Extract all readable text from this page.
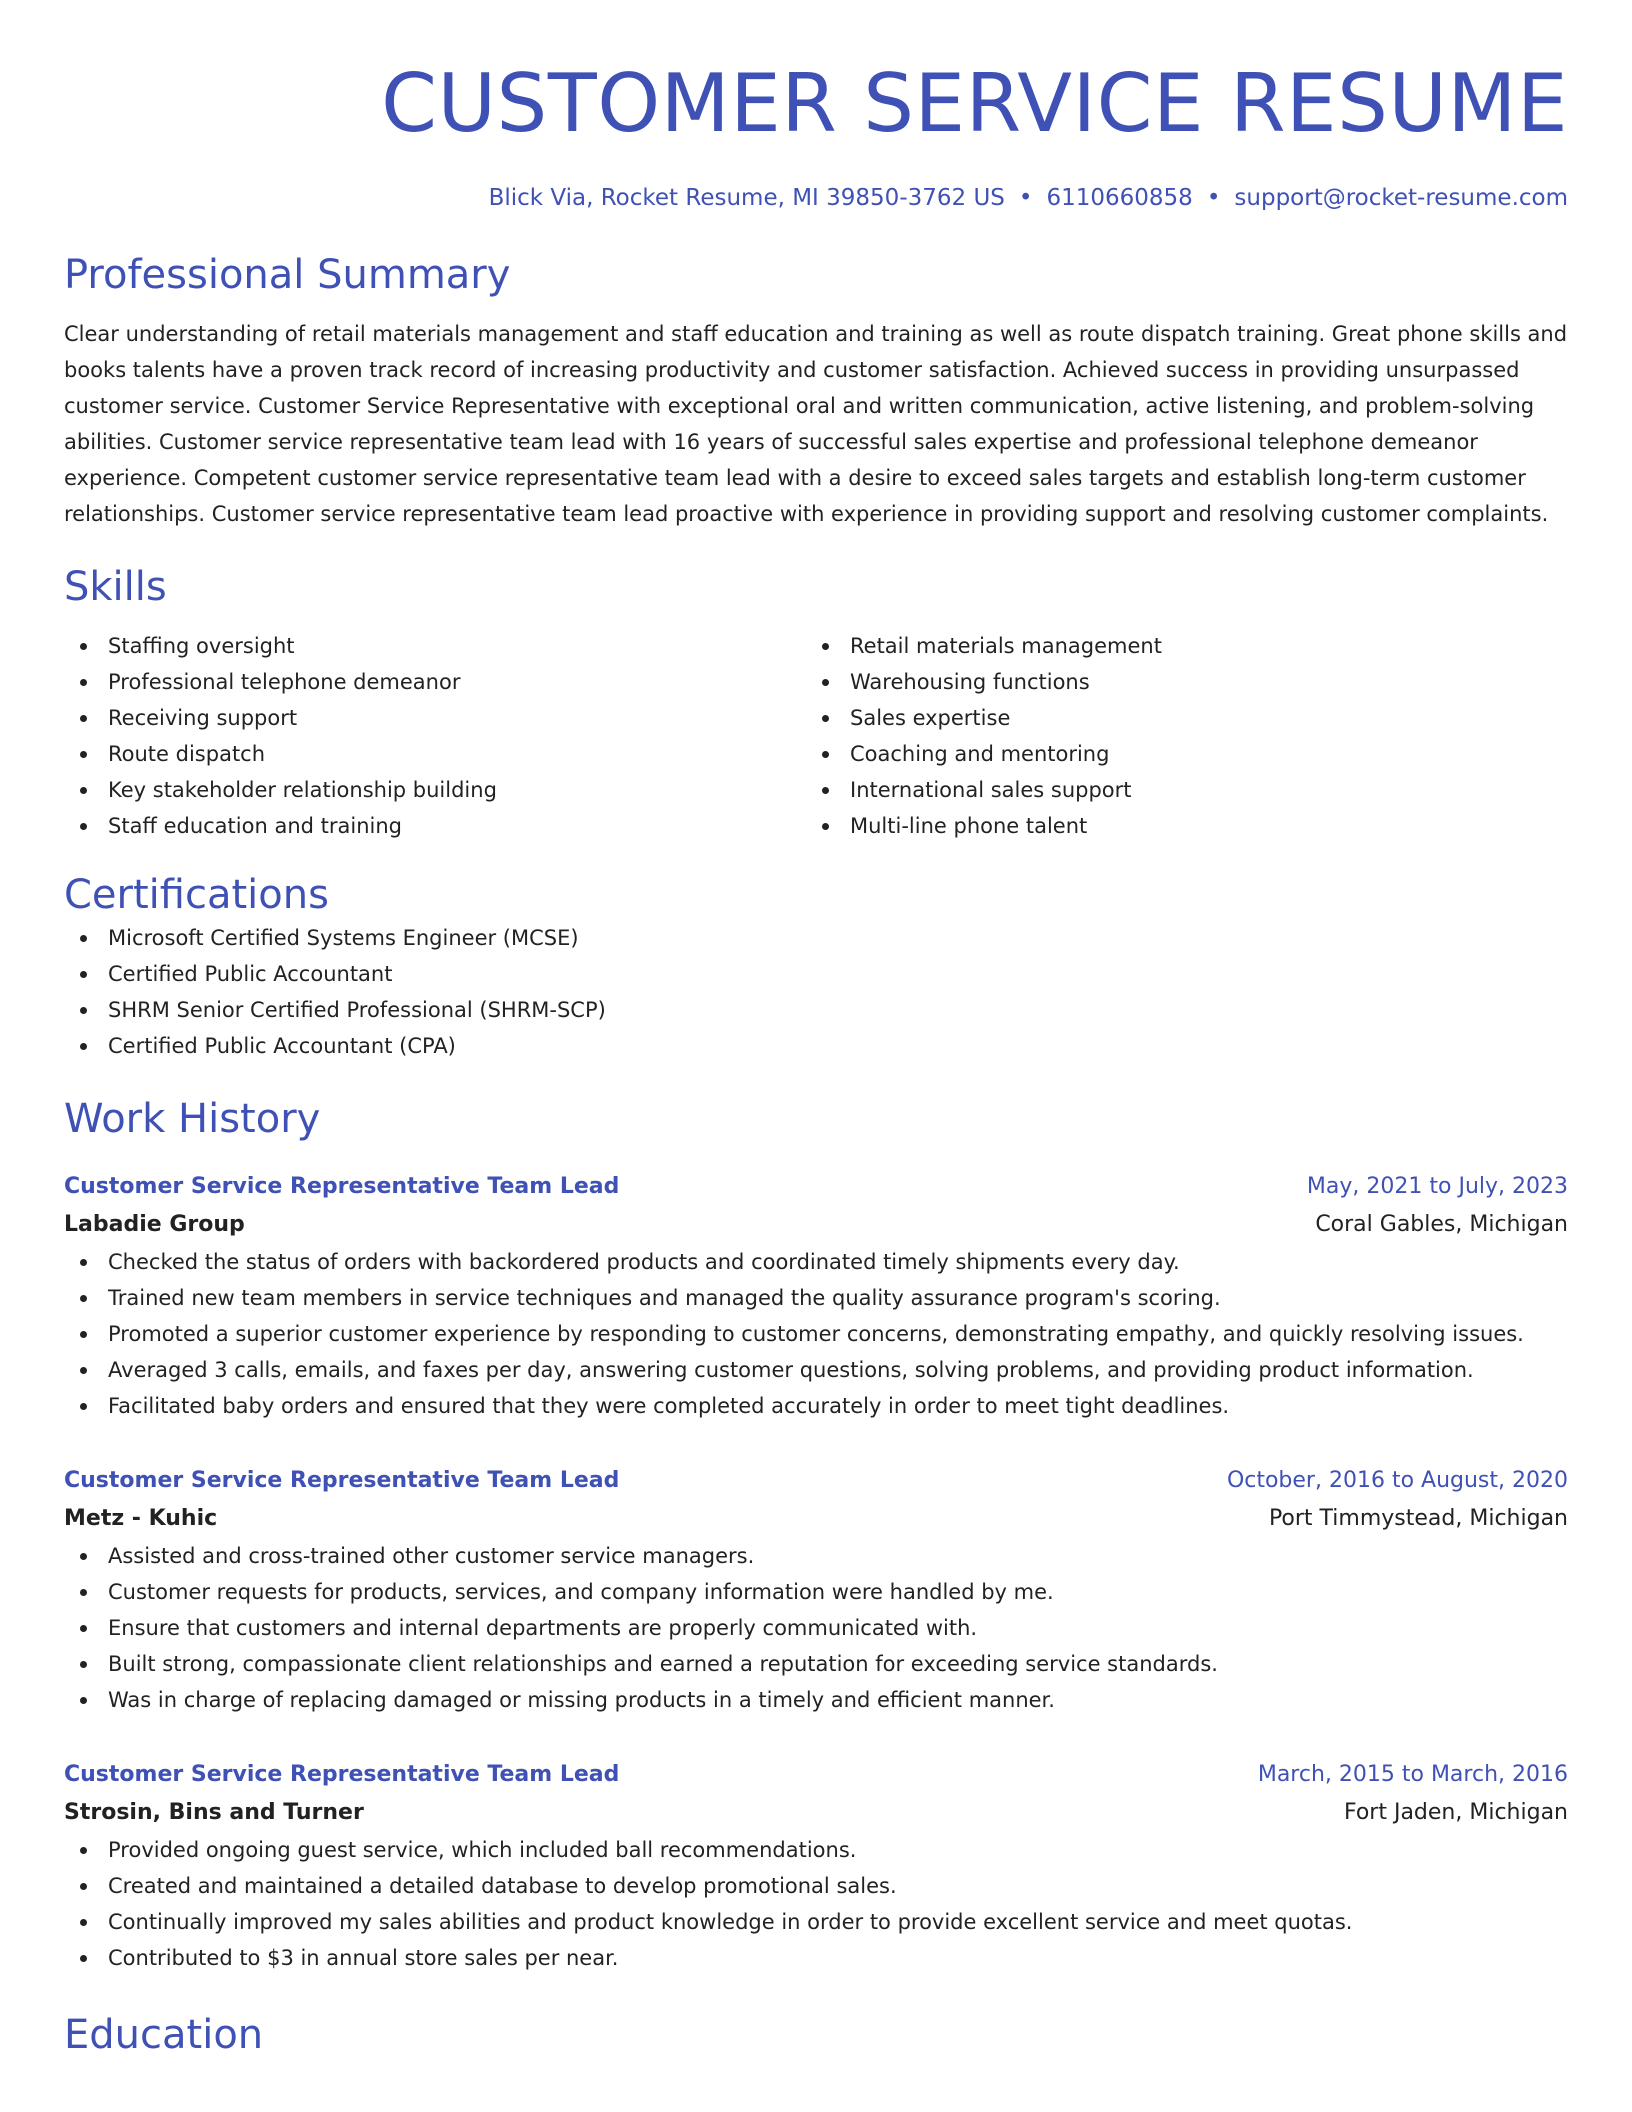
CUSTOMER SERVICE RESUME
Blick Via, Rocket Resume, MI 39850-3762 US • 6110660858 • support@rocket-resume.com
Professional Summary
Clear understanding of retail materials management and staff education and training as well as route dispatch training. Great phone skills and books talents have a proven track record of increasing productivity and customer satisfaction. Achieved success in providing unsurpassed customer service. Customer Service Representative with exceptional oral and written communication, active listening, and problem-solving abilities. Customer service representative team lead with 16 years of successful sales expertise and professional telephone demeanor experience. Competent customer service representative team lead with a desire to exceed sales targets and establish long-term customer relationships. Customer service representative team lead proactive with experience in providing support and resolving customer complaints.
Skills
Staffing oversight
Professional telephone demeanor
Receiving support
Route dispatch
Key stakeholder relationship building
Staff education and training
Retail materials management
Warehousing functions
Sales expertise
Coaching and mentoring
International sales support
Multi-line phone talent
Certifications
Microsoft Certified Systems Engineer (MCSE)
Certified Public Accountant
SHRM Senior Certified Professional (SHRM-SCP)
Certified Public Accountant (CPA)
Work History
Customer Service Representative Team Lead	May, 2021 to July, 2023
Labadie Group	Coral Gables, Michigan
Checked the status of orders with backordered products and coordinated timely shipments every day.
Trained new team members in service techniques and managed the quality assurance program's scoring.
Promoted a superior customer experience by responding to customer concerns, demonstrating empathy, and quickly resolving issues.
Averaged 3 calls, emails, and faxes per day, answering customer questions, solving problems, and providing product information.
Facilitated baby orders and ensured that they were completed accurately in order to meet tight deadlines.
Customer Service Representative Team Lead	October, 2016 to August, 2020
Metz - Kuhic	Port Timmystead, Michigan
Assisted and cross-trained other customer service managers.
Customer requests for products, services, and company information were handled by me.
Ensure that customers and internal departments are properly communicated with.
Built strong, compassionate client relationships and earned a reputation for exceeding service standards.
Was in charge of replacing damaged or missing products in a timely and efficient manner.
Customer Service Representative Team Lead	March, 2015 to March, 2016
Strosin, Bins and Turner	Fort Jaden, Michigan
Provided ongoing guest service, which included ball recommendations.
Created and maintained a detailed database to develop promotional sales.
Continually improved my sales abilities and product knowledge in order to provide excellent service and meet quotas.
Contributed to $3 in annual store sales per near.
Education
